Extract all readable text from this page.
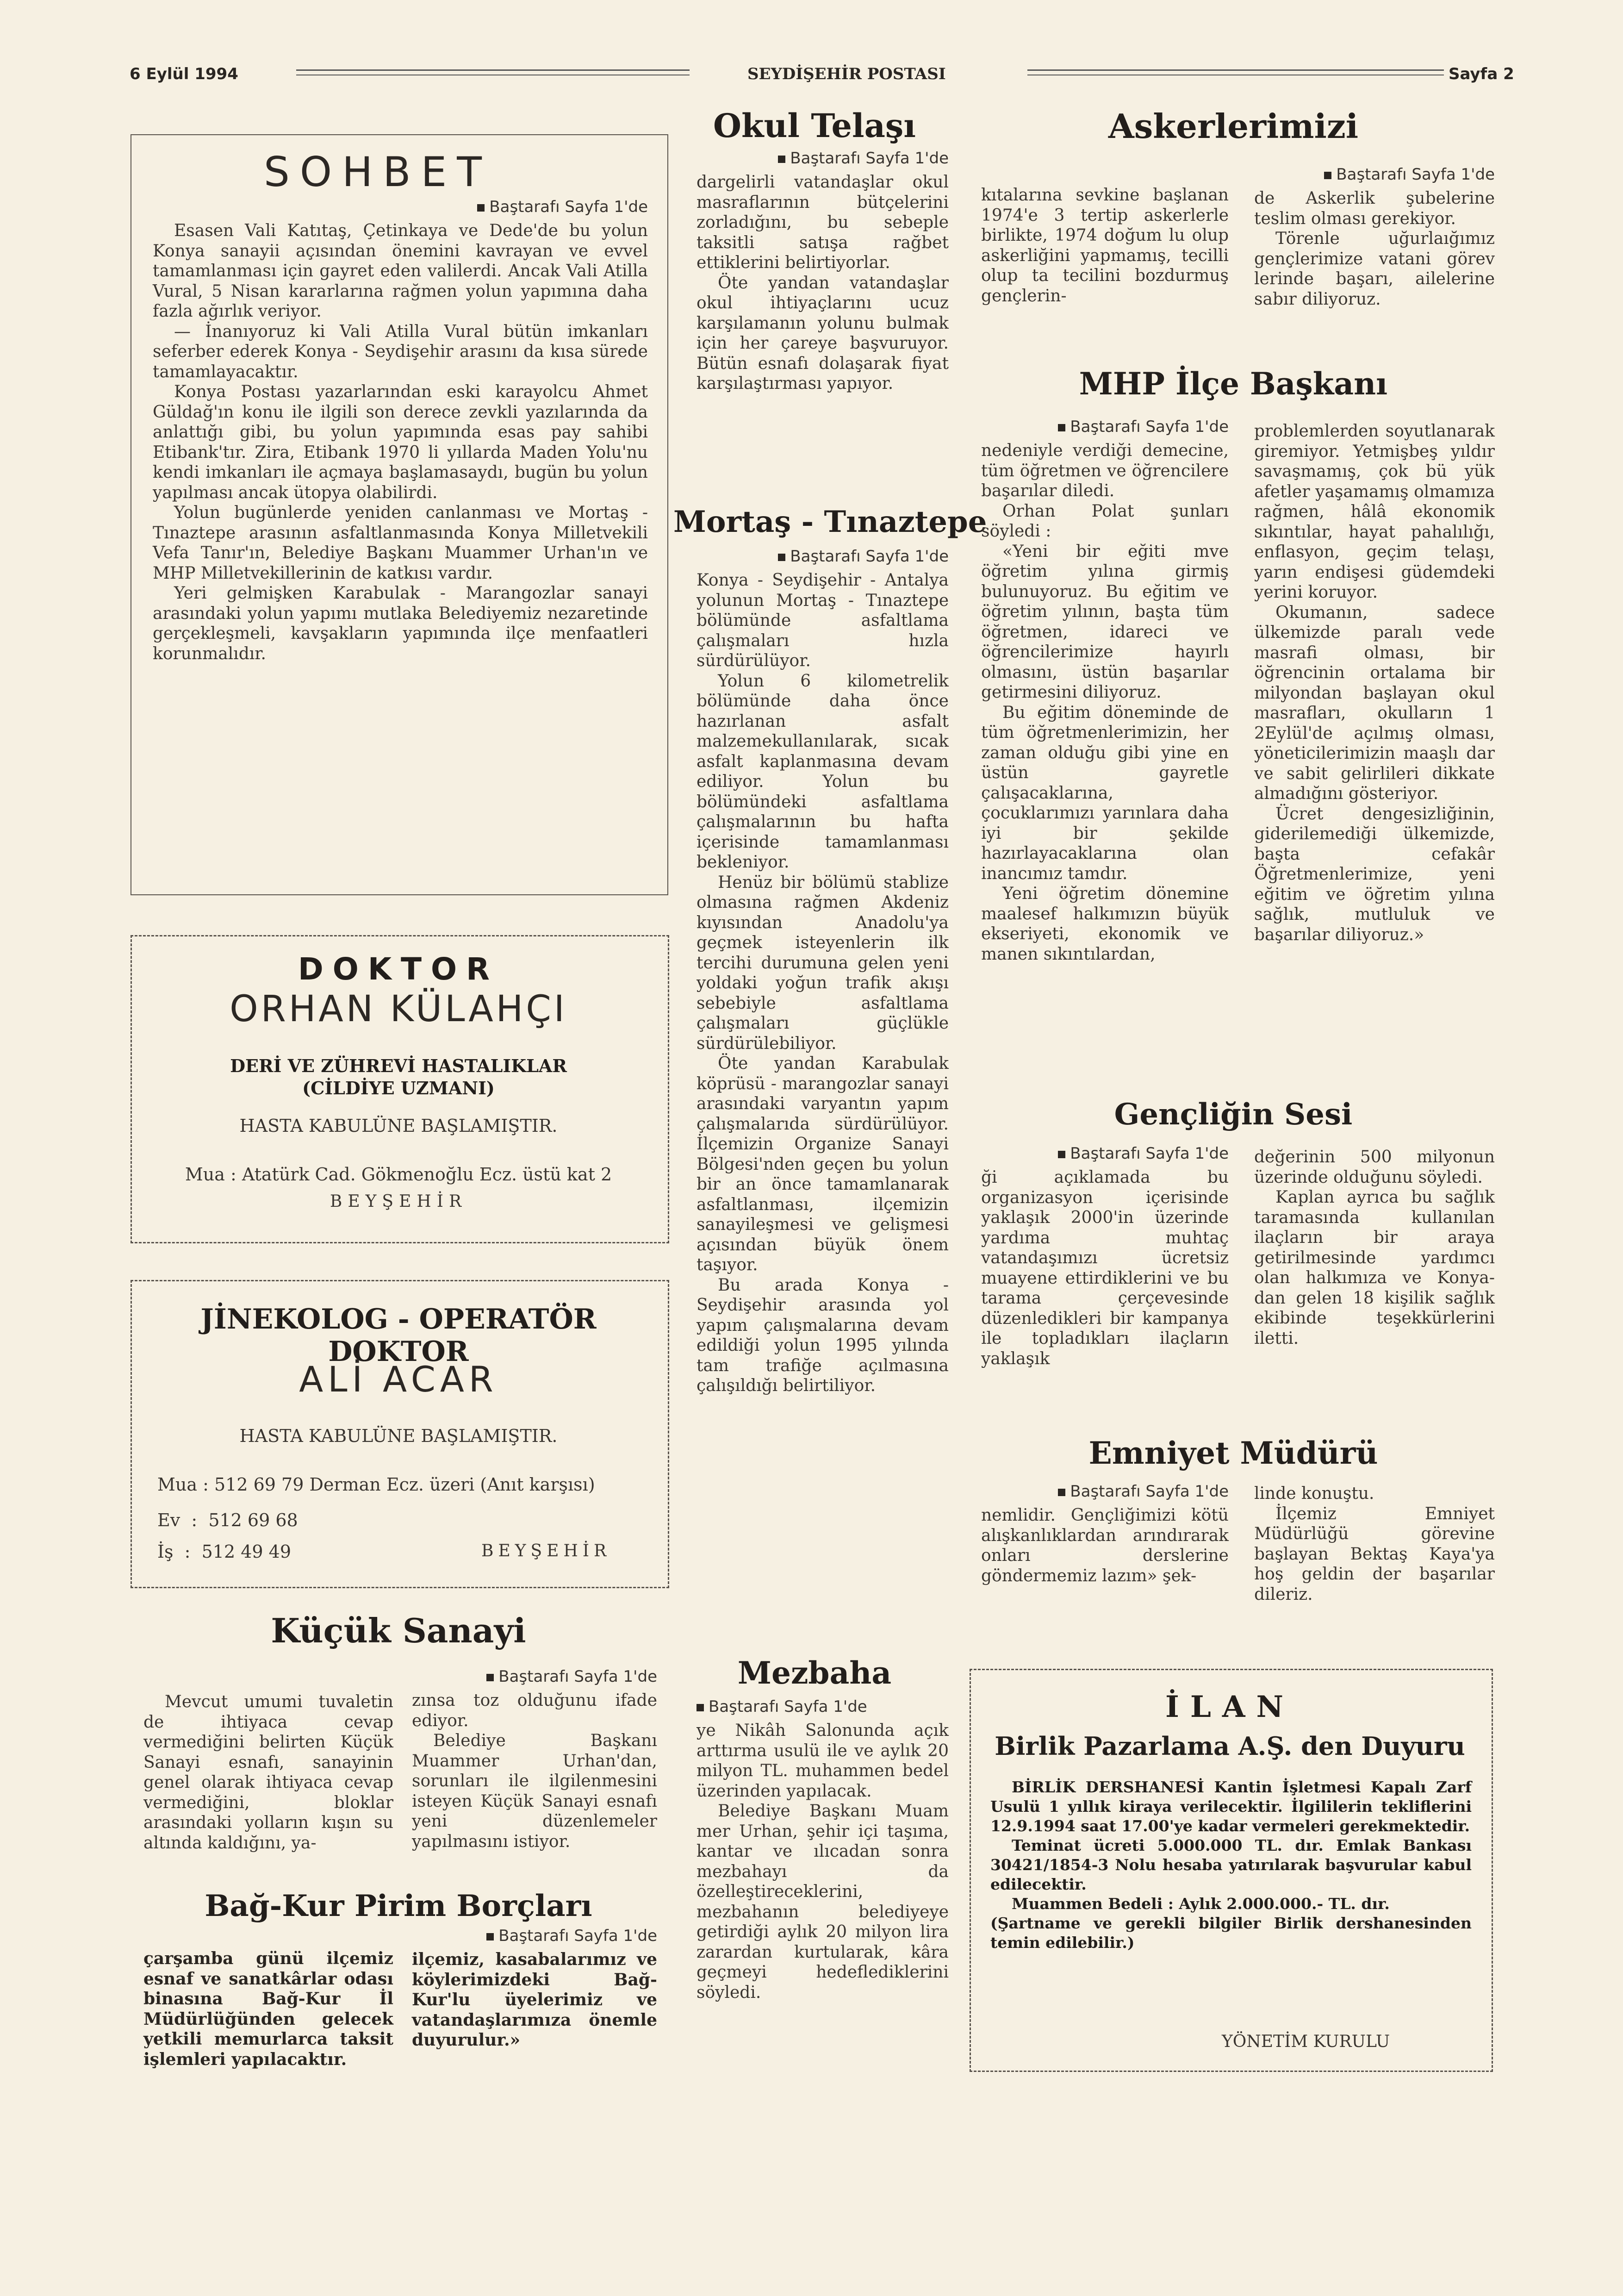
6 Eylül 1994	SEYDİŞEHİR POSTASI	Sayfa 2
SOHBET
Baştarafı Sayfa 1'de

Esasen Vali Katıtaş, Çetinkaya ve Dede'de bu yolun Konya sanayii açısından önemini kavrayan ve evvel tamamlanması için gayret eden valilerdi. Ancak Vali Atilla Vural, 5 Nisan kararlarına rağmen yolun yapımına daha fazla ağırlık veriyor.

— İnanıyoruz ki Vali Atilla Vural bütün imkanları seferber ederek Konya - Seydişehir arasını da kısa sürede tamamlayacaktır.

Konya Postası yazarlarından eski karayolcu Ahmet Güldağ'ın konu ile ilgili son derece zevkli yazılarında da anlattığı gibi, bu yolun yapımında esas pay sahibi Etibank'tır. Zira, Etibank 1970 li yıllarda Maden Yolu'nu kendi imkanları ile açmaya başlamasaydı, bugün bu yolun yapılması ancak ütopya olabilirdi.

Yolun bugünlerde yeniden canlanması ve Mortaş - Tınaztepe arasının asfaltlanmasında Konya Milletvekili Vefa Tanır'ın, Belediye Başkanı Muammer Urhan'ın ve MHP Milletvekillerinin de katkısı vardır.

Yeri gelmişken Karabulak - Marangozlar sanayi arasındaki yolun yapımı mutlaka Belediyemiz nezaretinde gerçekleşmeli, kavşakların yapımında ilçe menfaatleri korunmalıdır.

DOKTOR
ORHAN KÜLAHÇI
DERİ VE ZÜHREVİ HASTALIKLAR
(CİLDİYE UZMANI)
HASTA KABULÜNE BAŞLAMIŞTIR.
Mua : Atatürk Cad. Gökmenoğlu Ecz. üstü kat 2
BEYŞEHİR
JİNEKOLOG - OPERATÖR DOKTOR
ALİ ACAR
HASTA KABULÜNE BAŞLAMIŞTIR.
Mua : 512 69 79 Derman Ecz. üzeri (Anıt karşısı)
Ev  :  512 69 68
İş  :  512 49 49	BEYŞEHİR
Küçük Sanayi

Mevcut umumi tuvaletin de ihtiyaca cevap vermediğini belirten Küçük Sanayi esnafı, sanayinin genel olarak ihtiyaca cevap vermediğini, bloklar arasındaki yolların kışın su altında kaldığını, ya-

Baştarafı Sayfa 1'de

zınsa toz olduğunu ifade ediyor.

Belediye Başkanı Muammer Urhan'dan, sorunları ile ilgilenmesini isteyen Küçük Sanayi esnafı yeni düzenlemeler yapılmasını istiyor.

Bağ-Kur Pirim Borçları

çarşamba günü ilçemiz esnaf ve sanatkârlar odası binasına Bağ-Kur İl Müdürlüğünden gelecek yetkili memurlarca taksit işlemleri yapılacaktır.

Baştarafı Sayfa 1'de

ilçemiz, kasabalarımız ve köylerimizdeki Bağ-Kur'lu üyelerimiz ve vatandaşlarımıza önemle duyurulur.»

Okul Telaşı
Baştarafı Sayfa 1'de

dargelirli vatandaşlar okul masraflarının bütçelerini zorladığını, bu sebeple taksitli satışa rağbet ettiklerini belirtiyorlar.

Öte yandan vatandaşlar okul ihtiyaçlarını ucuz karşılamanın yolunu bulmak için her çareye başvuruyor. Bütün esnafı dolaşarak fiyat karşılaştırması yapıyor.

Mortaş - Tınaztepe
Baştarafı Sayfa 1'de

Konya - Seydişehir - Antalya yolunun Mortaş - Tınaztepe bölümünde asfaltlama çalışmaları hızla sürdürülüyor.

Yolun 6 kilometrelik bölümünde daha önce hazırlanan asfalt malzemekullanılarak, sıcak asfalt kaplanmasına devam ediliyor. Yolun bu bölümündeki asfaltlama çalışmalarının bu hafta içerisinde tamamlanması bekleniyor.

Henüz bir bölümü stablize olmasına rağmen Akdeniz kıyısından Anadolu'ya geçmek isteyenlerin ilk tercihi durumuna gelen yeni yoldaki yoğun trafik akışı sebebiyle asfaltlama çalışmaları güçlükle sürdürülebiliyor.

Öte yandan Karabulak köprüsü - marangozlar sanayi arasındaki varyantın yapım çalışmalarıda sürdürülüyor. İlçemizin Organize Sanayi Bölgesi'nden geçen bu yolun bir an önce tamamlanarak asfaltlanması, ilçemizin sanayileşmesi ve gelişmesi açısından büyük önem taşıyor.

Bu arada Konya - Seydişehir arasında yol yapım çalışmalarına devam edildiği yolun 1995 yılında tam trafiğe açılmasına çalışıldığı belirtiliyor.

Mezbaha
Baştarafı Sayfa 1'de

ye Nikâh Salonunda açık arttırma usulü ile ve aylık 20 milyon TL. muhammen bedel üzerinden yapılacak.

Belediye Başkanı Muam mer Urhan, şehir içi taşıma, kantar ve ılıcadan sonra mezbahayı da özelleştireceklerini, mezbahanın belediyeye getirdiği aylık 20 milyon lira zarardan kurtularak, kâra geçmeyi hedeflediklerini söyledi.

Askerlerimizi

kıtalarına sevkine başlanan 1974'e 3 tertip askerlerle birlikte, 1974 doğum lu olup askerliğini yapmamış, tecilli olup ta tecilini bozdurmuş gençlerin-

Baştarafı Sayfa 1'de

de Askerlik şubelerine teslim olması gerekiyor.

Törenle uğurlaığımız gençlerimize vatani görev lerinde başarı, ailelerine sabır diliyoruz.

MHP İlçe Başkanı
Baştarafı Sayfa 1'de

nedeniyle verdiği demecine, tüm öğretmen ve öğrencilere başarılar diledi.

Orhan Polat şunları söyledi :

«Yeni bir eğiti mve öğretim yılına girmiş bulunuyoruz. Bu eğitim ve öğretim yılının, başta tüm öğretmen, idareci ve öğrencilerimize hayırlı olmasını, üstün başarılar getirmesini diliyoruz.

Bu eğitim döneminde de tüm öğretmenlerimizin, her zaman olduğu gibi yine en üstün gayretle çalışacaklarına, çocuklarımızı yarınlara daha iyi bir şekilde hazırlayacaklarına olan inancımız tamdır.

Yeni öğretim dönemine maalesef halkımızın büyük ekseriyeti, ekonomik ve manen sıkıntılardan,

problemlerden soyutlanarak giremiyor. Yetmişbeş yıldır savaşmamış, çok bü yük afetler yaşamamış olmamıza rağmen, hâlâ ekonomik sıkıntılar, hayat pahalılığı, enflasyon, geçim telaşı, yarın endişesi güdemdeki yerini koruyor.

Okumanın, sadece ülkemizde paralı vede masrafi olması, bir öğrencinin ortalama bir milyondan başlayan okul masrafları, okulların 1 2Eylül'de açılmış olması, yöneticilerimizin maaşlı dar ve sabit gelirlileri dikkate almadığını gösteriyor.

Ücret dengesizliğinin, giderilemediği ülkemizde, başta cefakâr Öğretmenlerimize, yeni eğitim ve öğretim yılına sağlık, mutluluk ve başarılar diliyoruz.»

Gençliğin Sesi
Baştarafı Sayfa 1'de

ği açıklamada bu organizasyon içerisinde yaklaşık 2000'in üzerinde yardıma muhtaç vatandaşımızı ücretsiz muayene ettirdiklerini ve bu tarama çerçevesinde düzenledikleri bir kampanya ile topladıkları ilaçların yaklaşık

değerinin 500 milyonun üzerinde olduğunu söyledi.

Kaplan ayrıca bu sağlık taramasında kullanılan ilaçların bir araya getirilmesinde yardımcı olan halkımıza ve Konya-dan gelen 18 kişilik sağlık ekibinde teşekkürlerini iletti.

Emniyet Müdürü
Baştarafı Sayfa 1'de

nemlidir. Gençliğimizi kötü alışkanlıklardan arındırarak onları derslerine göndermemiz lazım» şek-

linde konuştu.

İlçemiz Emniyet Müdürlüğü görevine başlayan Bektaş Kaya'ya hoş geldin der başarılar dileriz.

İLAN
Birlik Pazarlama A.Ş. den Duyuru

BİRLİK DERSHANESİ Kantin İşletmesi Kapalı Zarf Usulü 1 yıllık kiraya verilecektir. İlgililerin tekliflerini 12.9.1994 saat 17.00'ye kadar vermeleri gerekmektedir.

Teminat ücreti 5.000.000 TL. dır. Emlak Bankası 30421/1854-3 Nolu hesaba yatırılarak başvurular kabul edilecektir.

Muammen Bedeli : Aylık 2.000.000.- TL. dır.

(Şartname ve gerekli bilgiler Birlik dershanesinden temin edilebilir.)

YÖNETİM KURULU
